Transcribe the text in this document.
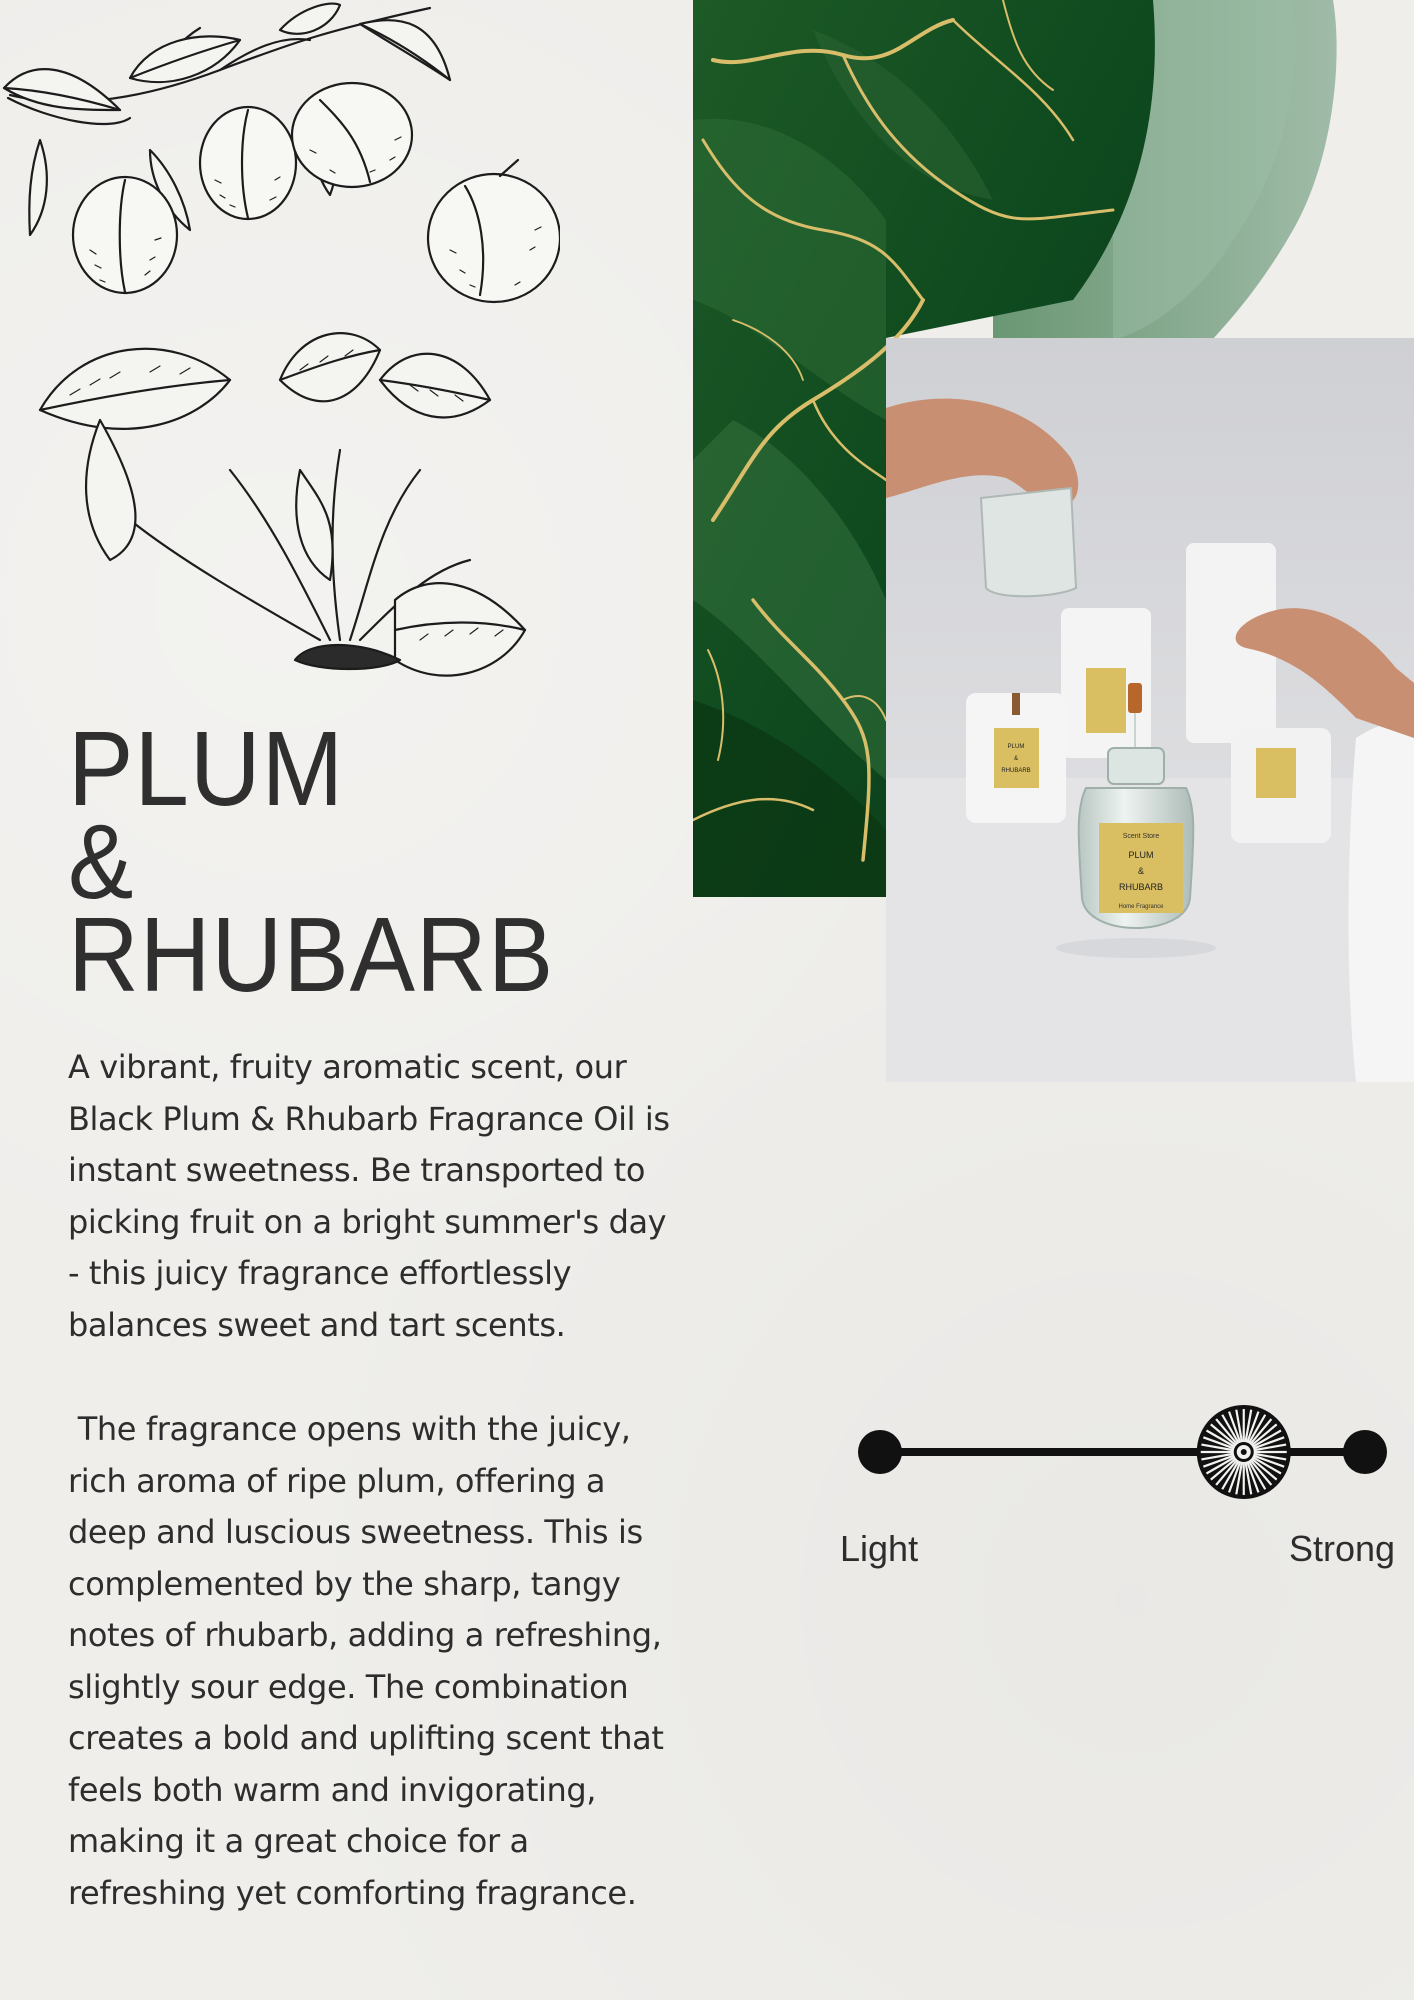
Scent Store
PLUM
&
RHUBARB
Home Fragrance
PLUM
&
RHUBARB
PLUM
&
RHUBARB

A vibrant, fruity aromatic scent, our
Black Plum & Rhubarb Fragrance Oil is
instant sweetness. Be transported to
picking fruit on a bright summer's day
- this juicy fragrance effortlessly
balances sweet and tart scents.

The fragrance opens with the juicy,
rich aroma of ripe plum, offering a
deep and luscious sweetness. This is
complemented by the sharp, tangy
notes of rhubarb, adding a refreshing,
slightly sour edge. The combination
creates a bold and uplifting scent that
feels both warm and invigorating,
making it a great choice for a
refreshing yet comforting fragrance.

Light	Strong
